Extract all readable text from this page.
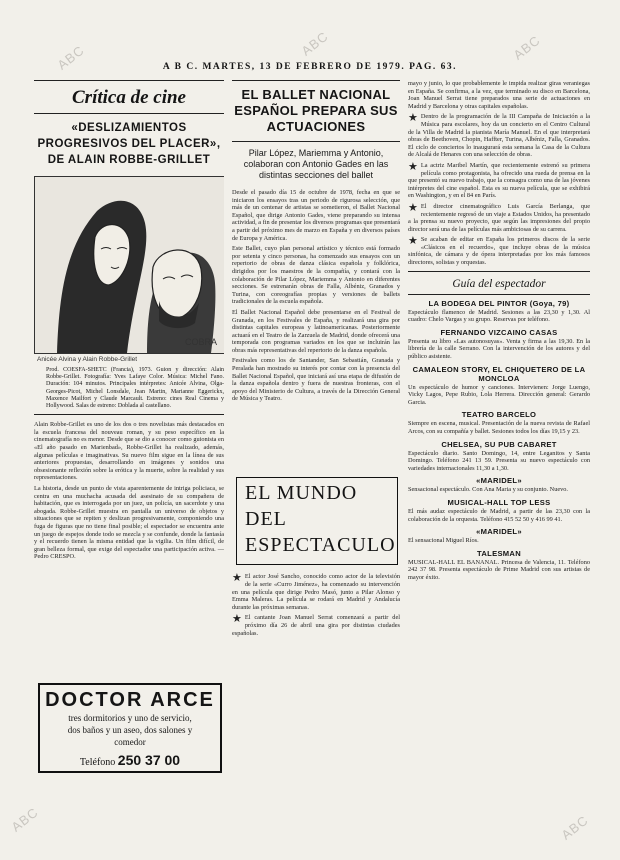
ABC	ABC	ABC
ABC	ABC
A B C. MARTES, 13 DE FEBRERO DE 1979. PAG. 63.

Crítica de cine

«DESLIZAMIENTOS PROGRESIVOS DEL PLACER», DE ALAIN ROBBE-GRILLET

COBRA
Anicée Alvina y Alain Robbe-Grillet

Prod. COESFA-SHETC (Francia), 1973. Guion y dirección: Alain Robbe-Grillet. Fotografía: Yves Lafaye Color. Música: Michel Fano. Duración: 104 minutos. Principales intérpretes: Anicée Alvina, Olga-Georges-Picot, Michel Lonsdale, Jean Martin, Marianne Eggerickx, Maxence Mailfort y Claude Marcault. Estreno: cines Real Cinema y Hollywood. Salas de estreno: Doblada al castellano.

Alain Robbe-Grillet es uno de los dos o tres novelistas más destacados en la escuela francesa del nouveau roman, y su peso específico en la cinematografía no es menor. Desde que se dio a conocer como guionista en «El año pasado en Marienbad», Robbe-Grillet ha realizado, además, algunas películas e imaginativas. Su nuevo film sigue en la línea de sus anteriores propuestas, desarrollando en imágenes y sonidos una obsesionante reflexión sobre la erótica y la muerte, sobre la realidad y sus representaciones.

La historia, desde un punto de vista aparentemente de intriga policiaca, se centra en una muchacha acusada del asesinato de su compañera de habitación, que es interrogada por un juez, un policía, un sacerdote y una abogada. Robbe-Grillet muestra en pantalla un universo de objetos y situaciones que se repiten y deslizan progresivamente, componiendo una fuga de figuras que no tiene final posible; el espectador se encuentra ante un juego de espejos donde todo se mezcla y se confunde, donde la fantasía y el recuerdo tienen la misma entidad que la vigilia. Un film difícil, de gran belleza formal, que exige del espectador una participación activa. — Pedro CRESPO.

DOCTOR ARCE
tres dormitorios y uno de servicio,
dos baños y un aseo, dos salones y
comedor
Teléfono 250 37 00

EL BALLET NACIONAL ESPAÑOL PREPARA SUS ACTUACIONES

Pilar López, Mariemma y Antonio, colaboran con Antonio Gades en las distintas secciones del ballet

Desde el pasado día 15 de octubre de 1978, fecha en que se iniciaron los ensayos tras un periodo de rigurosa selección, que más de un centenar de artistas se sometieron, el Ballet Nacional Español, que dirige Antonio Gades, viene preparando su intensa actividad, a fin de presentar los diversos programas que presentará a partir del próximo mes de marzo en España y en diversos países de Europa y América.

Este Ballet, cuyo plan personal artístico y técnico está formado por setenta y cinco personas, ha comenzado sus ensayos con un repertorio de obras de danza clásica española y folklórica, dirigidos por los maestros de la compañía, y contará con la colaboración de Pilar López, Mariemma y Antonio en diferentes secciones. Se estrenarán obras de Falla, Albéniz, Granados y Turina, con coreografías propias y versiones de ballets tradicionales de la escuela española.

El Ballet Nacional Español debe presentarse en el Festival de Granada, en los Festivales de España, y realizará una gira por distintas capitales europeas y latinoamericanas. Posteriormente actuará en el Teatro de la Zarzuela de Madrid, donde ofrecerá una temporada con programas variados en los que se incluirán las obras más representativas del repertorio de la danza española.

Festivales como los de Santander, San Sebastián, Granada y Peralada han mostrado su interés por contar con la presencia del Ballet Nacional Español, que iniciará así una etapa de difusión de la danza española dentro y fuera de nuestras fronteras, con el apoyo del Ministerio de Cultura, a través de la Dirección General de Música y Teatro.

EL MUNDO
DEL
ESPECTACULO

★ El actor José Sancho, conocido como actor de la televisión de la serie «Curro Jiménez», ha comenzado su intervención en una película que dirige Pedro Masó, junto a Pilar Alonso y Emma Maleras. La película se rodará en Madrid y Andalucía durante las próximas semanas.

★ El cantante Joan Manuel Serrat comenzará a partir del próximo día 26 de abril una gira por distintas ciudades españolas.

mayo y junio, lo que probablemente le impida realizar giras veraniegas en España. Se confirma, a la vez, que terminado su disco en Barcelona, Joan Manuel Serrat tiene preparados una serie de actuaciones en Madrid y Barcelona y otras capitales españolas.

★ Dentro de la programación de la III Campaña de Iniciación a la Música para escolares, hoy da un concierto en el Centro Cultural de la Villa de Madrid la pianista María Manuel. En el que interpretará obras de Beethoven, Chopin, Haffter, Turina, Albéniz, Falla, Granados. El ciclo de conciertos lo inaugurará esta semana la Casa de la Cultura de Alcalá de Henares con una selección de obras.

★ La actriz Maribel Martín, que recientemente estrenó su primera película como protagonista, ha ofrecido una rueda de prensa en la que presentó su nuevo trabajo, que la consagra como una de las jóvenes intérpretes del cine español. Esta es su nueva película, que se exhibirá en Washington, y en el 84 en París.

★ El director cinematográfico Luis García Berlanga, que recientemente regresó de un viaje a Estados Unidos, ha presentado a la prensa su nuevo proyecto, que según las impresiones del propio director será una de las películas más ambiciosas de su carrera.

★ Se acaban de editar en España los primeros discos de la serie «Clásicos en el recuerdo», que incluye obras de la música sinfónica, de cámara y de ópera interpretadas por los más famosos directores, solistas y orquestas.

Guía del espectador

LA BODEGA DEL PINTOR (Goya, 79)

Espectáculo flamenco de Madrid. Sesiones a las 23,30 y 1,30. Al cuadro: Chelo Vargas y su grupo. Reservas por teléfono.

FERNANDO VIZCAINO CASAS

Presenta su libro «Las autonosuyas». Venta y firma a las 19,30. En la librería de la calle Serrano. Con la intervención de los autores y del público asistente.

CAMALEON STORY, EL CHIQUETERO DE LA MONCLOA

Un espectáculo de humor y canciones. Intervienen: Jorge Luengo, Vicky Lagos, Pepe Rubio, Lola Herrera. Dirección general: Gerardo Garcia.

TEATRO BARCELO

Siempre en escena, musical. Presentación de la nueva revista de Rafael Arcos, con su compañía y ballet. Sesiones todos los días 19,15 y 23.

CHELSEA, SU PUB CABARET

Espectáculo diario. Santo Domingo, 14, entre Leganitos y Santa Domingo. Teléfono 241 13 59. Presenta su nuevo espectáculo con variedades internacionales 11,30 a 1,30.

«MARIDEL»

Sensacional espectáculo. Con Ana Maria y su conjunto. Nuevo.

MUSICAL-HALL TOP LESS

El más audaz espectáculo de Madrid, a partir de las 23,30 con la colaboración de la orquesta. Teléfono 415 52 50 y 416 99 41.

«MARIDEL»

El sensacional Miguel Ríos.

TALESMAN

MUSICAL-HALL EL BANANAL. Princesa de Valencia, 11. Teléfono 242 37 98. Presenta espectáculo de Prime Madrid con sus artistas de mayor éxito.
